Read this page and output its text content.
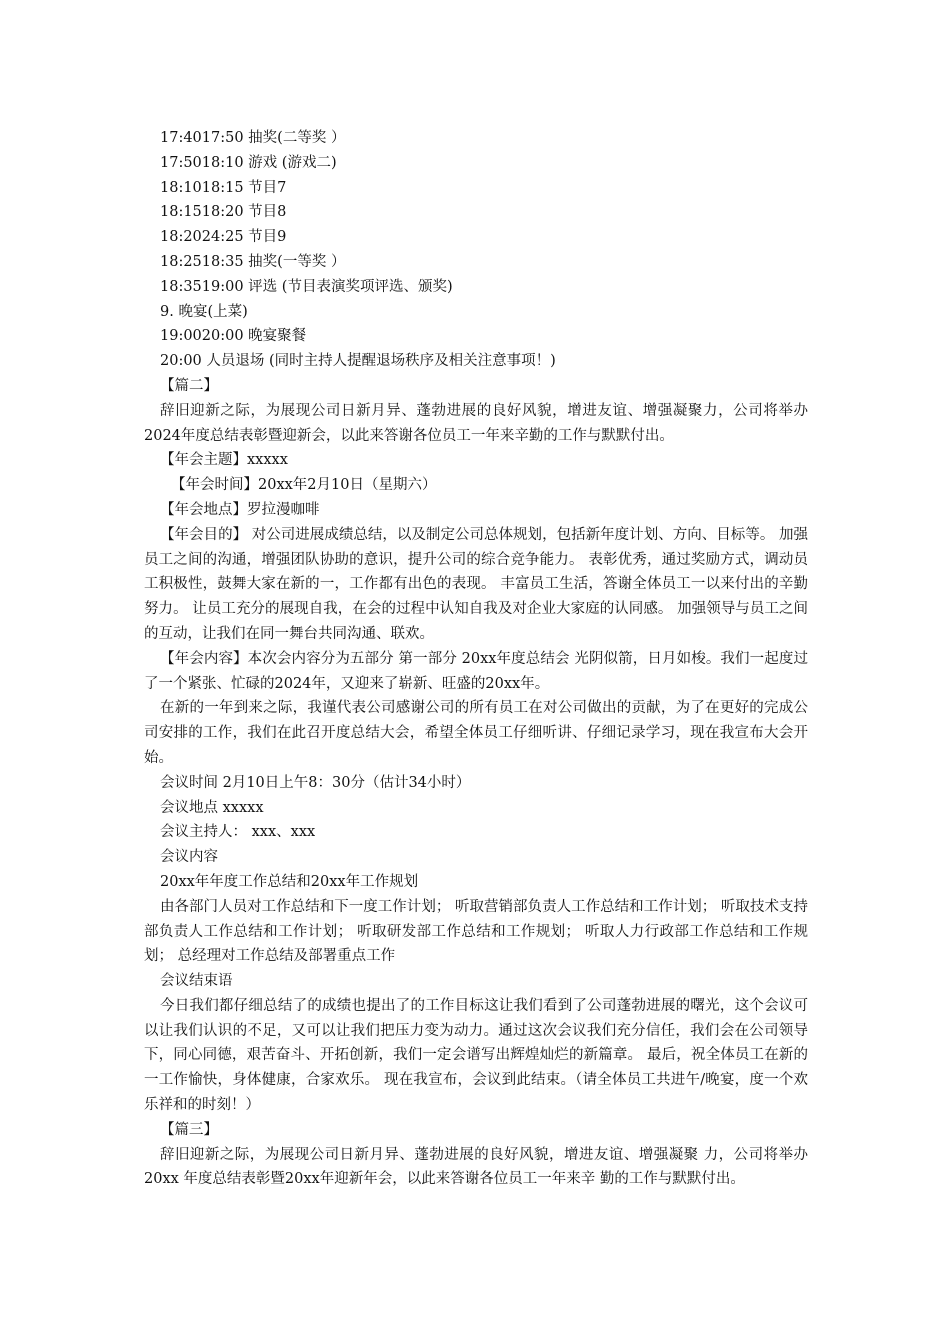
17:4017:50 抽奖(二等奖 ）

17:5018:10 游戏 (游戏二)

18:1018:15 节目7

18:1518:20 节目8

18:2024:25 节目9

18:2518:35 抽奖(一等奖 ）

18:3519:00 评选 (节目表演奖项评选、颁奖)

9. 晚宴(上菜)

19:0020:00 晚宴聚餐

20:00 人员退场 (同时主持人提醒退场秩序及相关注意事项！)

【篇二】

辞旧迎新之际，为展现公司日新月异、蓬勃进展的良好风貌，增进友谊、增强凝聚力，公司将举办2024年度总结表彰暨迎新会，以此来答谢各位员工一年来辛勤的工作与默默付出。

【年会主题】xxxxx

【年会时间】20xx年2月10日（星期六）

【年会地点】罗拉漫咖啡

【年会目的】 对公司进展成绩总结，以及制定公司总体规划，包括新年度计划、方向、目标等。 加强员工之间的沟通，增强团队协助的意识，提升公司的综合竞争能力。 表彰优秀，通过奖励方式，调动员工积极性，鼓舞大家在新的一，工作都有出色的表现。 丰富员工生活，答谢全体员工一以来付出的辛勤努力。 让员工充分的展现自我，在会的过程中认知自我及对企业大家庭的认同感。 加强领导与员工之间的互动，让我们在同一舞台共同沟通、联欢。

【年会内容】本次会内容分为五部分 第一部分 20xx年度总结会 光阴似箭，日月如梭。我们一起度过了一个紧张、忙碌的2024年，又迎来了崭新、旺盛的20xx年。

在新的一年到来之际，我谨代表公司感谢公司的所有员工在对公司做出的贡献，为了在更好的完成公司安排的工作，我们在此召开度总结大会，希望全体员工仔细听讲、仔细记录学习，现在我宣布大会开始。

会议时间 2月10日上午8：30分（估计34小时）

会议地点 xxxxx

会议主持人： xxx、xxx

会议内容

20xx年年度工作总结和20xx年工作规划

由各部门人员对工作总结和下一度工作计划； 听取营销部负责人工作总结和工作计划； 听取技术支持部负责人工作总结和工作计划； 听取研发部工作总结和工作规划； 听取人力行政部工作总结和工作规划； 总经理对工作总结及部署重点工作

会议结束语

今日我们都仔细总结了的成绩也提出了的工作目标这让我们看到了公司蓬勃进展的曙光，这个会议可以让我们认识的不足，又可以让我们把压力变为动力。通过这次会议我们充分信任，我们会在公司领导下，同心同德，艰苦奋斗、开拓创新，我们一定会谱写出辉煌灿烂的新篇章。 最后，祝全体员工在新的一工作愉快，身体健康，合家欢乐。 现在我宣布，会议到此结束。（请全体员工共进午/晚宴，度一个欢乐祥和的时刻！）

【篇三】

辞旧迎新之际，为展现公司日新月异、蓬勃进展的良好风貌，增进友谊、增强凝聚 力，公司将举办20xx 年度总结表彰暨20xx年迎新年会，以此来答谢各位员工一年来辛 勤的工作与默默付出。
